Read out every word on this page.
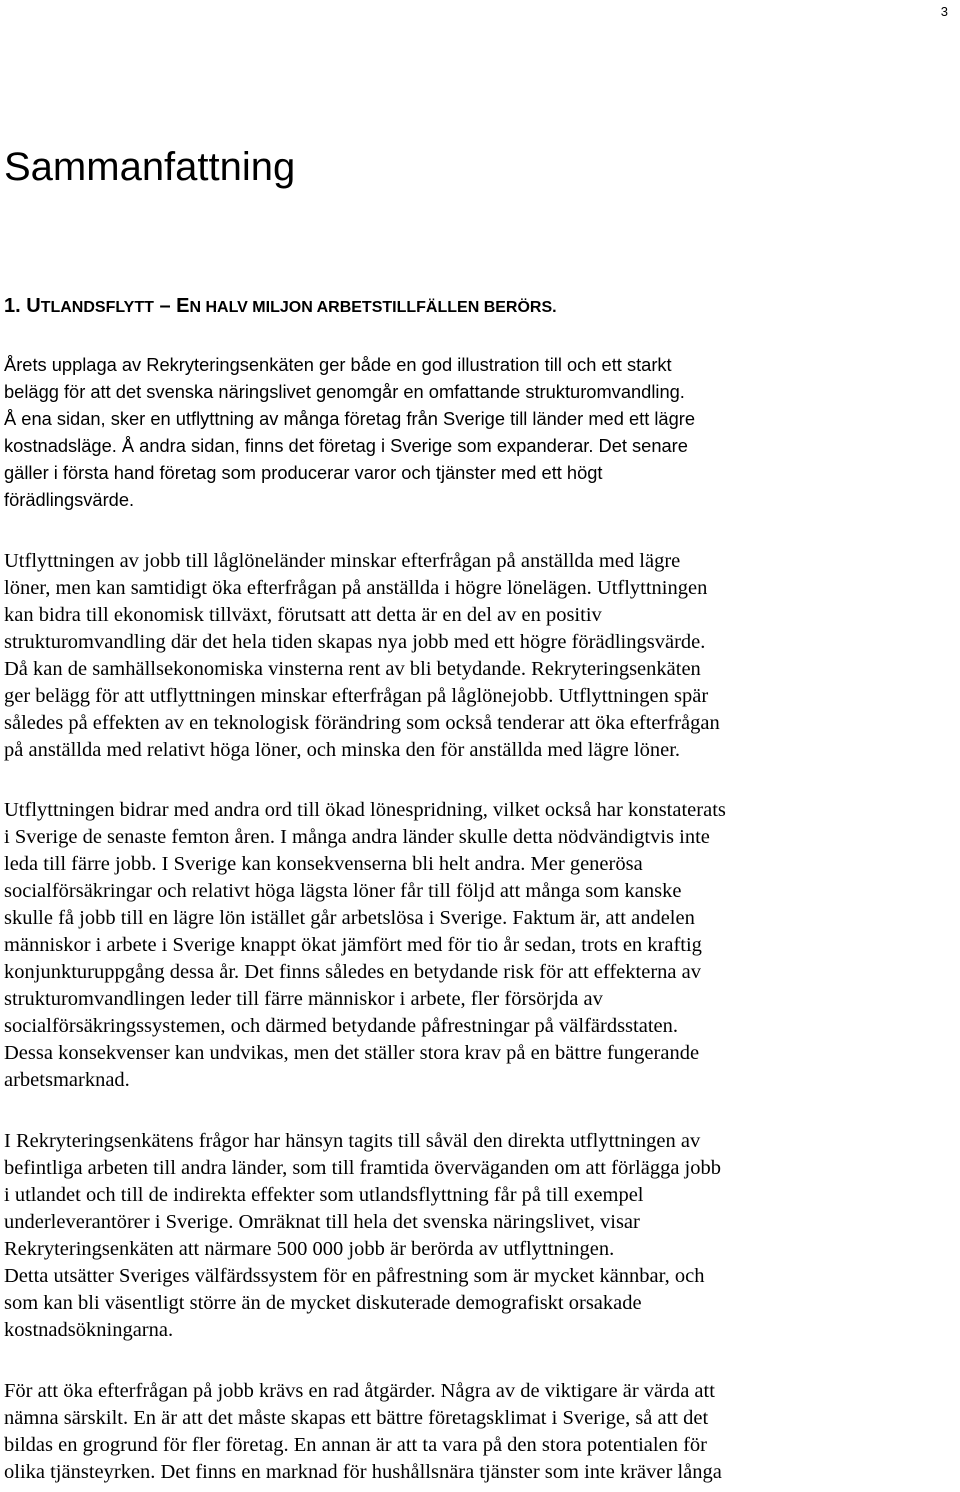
3
Sammanfattning
1. UTLANDSFLYTT – EN HALV MILJON ARBETSTILLFÄLLEN BERÖRS.
Årets upplaga av Rekryteringsenkäten ger både en god illustration till och ett starkt
belägg för att det svenska näringslivet genomgår en omfattande strukturomvandling.
Å ena sidan, sker en utflyttning av många företag från Sverige till länder med ett lägre
kostnadsläge. Å andra sidan, finns det företag i Sverige som expanderar. Det senare
gäller i första hand företag som producerar varor och tjänster med ett högt
förädlingsvärde.
Utflyttningen av jobb till låglöneländer minskar efterfrågan på anställda med lägre
löner, men kan samtidigt öka efterfrågan på anställda i högre lönelägen. Utflyttningen
kan bidra till ekonomisk tillväxt, förutsatt att detta är en del av en positiv
strukturomvandling där det hela tiden skapas nya jobb med ett högre förädlingsvärde.
Då kan de samhällsekonomiska vinsterna rent av bli betydande. Rekryteringsenkäten
ger belägg för att utflyttningen minskar efterfrågan på låglönejobb. Utflyttningen spär
således på effekten av en teknologisk förändring som också tenderar att öka efterfrågan
på anställda med relativt höga löner, och minska den för anställda med lägre löner.
Utflyttningen bidrar med andra ord till ökad lönespridning, vilket också har konstaterats
i Sverige de senaste femton åren. I många andra länder skulle detta nödvändigtvis inte
leda till färre jobb. I Sverige kan konsekvenserna bli helt andra. Mer generösa
socialförsäkringar och relativt höga lägsta löner får till följd att många som kanske
skulle få jobb till en lägre lön istället går arbetslösa i Sverige. Faktum är, att andelen
människor i arbete i Sverige knappt ökat jämfört med för tio år sedan, trots en kraftig
konjunkturuppgång dessa år. Det finns således en betydande risk för att effekterna av
strukturomvandlingen leder till färre människor i arbete, fler försörjda av
socialförsäkringssystemen, och därmed betydande påfrestningar på välfärdsstaten.
Dessa konsekvenser kan undvikas, men det ställer stora krav på en bättre fungerande
arbetsmarknad.
I Rekryteringsenkätens frågor har hänsyn tagits till såväl den direkta utflyttningen av
befintliga arbeten till andra länder, som till framtida överväganden om att förlägga jobb
i utlandet och till de indirekta effekter som utlandsflyttning får på till exempel
underleverantörer i Sverige. Omräknat till hela det svenska näringslivet, visar
Rekryteringsenkäten att närmare 500 000 jobb är berörda av utflyttningen.
Detta utsätter Sveriges välfärdssystem för en påfrestning som är mycket kännbar, och
som kan bli väsentligt större än de mycket diskuterade demografiskt orsakade
kostnadsökningarna.
För att öka efterfrågan på jobb krävs en rad åtgärder. Några av de viktigare är värda att
nämna särskilt. En är att det måste skapas ett bättre företagsklimat i Sverige, så att det
bildas en grogrund för fler företag. En annan är att ta vara på den stora potentialen för
olika tjänsteyrken. Det finns en marknad för hushållsnära tjänster som inte kräver långa
